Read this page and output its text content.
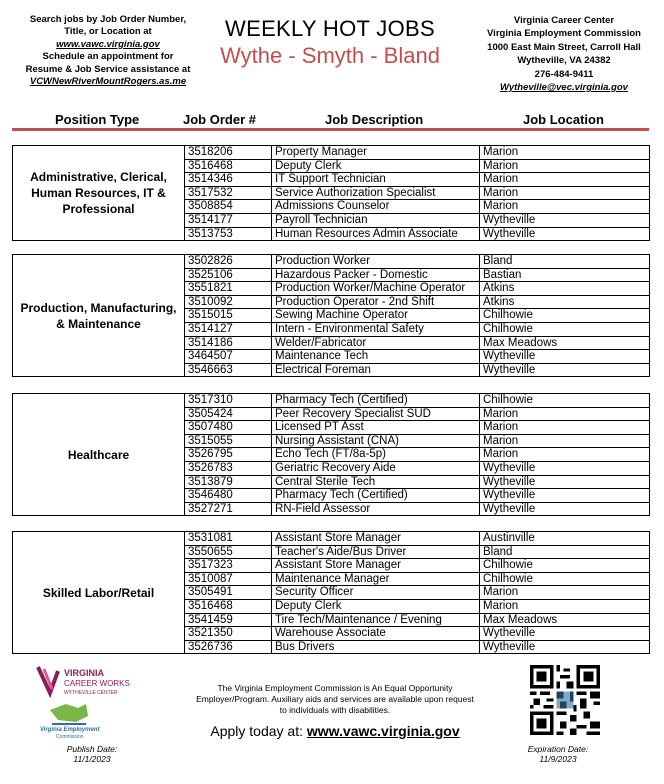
Search jobs by Job Order Number,
Title, or Location at
www.vawc.virginia.gov
Schedule an appointment for
Resume & Job Service assistance at
VCWNewRiverMountRogers.as.me
WEEKLY HOT JOBS
Wythe - Smyth - Bland
Virginia Career Center
Virginia Employment Commission
1000 East Main Street, Carroll Hall
Wytheville, VA 24382
276-484-9411
Wytheville@vec.virginia.gov
Position Type	Job Order #	Job Description	Job Location
Administrative, Clerical, Human Resources, IT & Professional	3518206	Property Manager	Marion
	3516468	Deputy Clerk	Marion
	3514346	IT Support Technician	Marion
	3517532	Service Authorization Specialist	Marion
	3508854	Admissions Counselor	Marion
	3514177	Payroll Technician	Wytheville
	3513753	Human Resources Admin Associate	Wytheville
Production, Manufacturing, & Maintenance	3502826	Production Worker	Bland
	3525106	Hazardous Packer - Domestic	Bastian
	3551821	Production Worker/Machine Operator	Atkins
	3510092	Production Operator - 2nd Shift	Atkins
	3515015	Sewing Machine Operator	Chilhowie
	3514127	Intern - Environmental Safety	Chilhowie
	3514186	Welder/Fabricator	Max Meadows
	3464507	Maintenance Tech	Wytheville
	3546663	Electrical Foreman	Wytheville
Healthcare	3517310	Pharmacy Tech (Certified)	Chilhowie
	3505424	Peer Recovery Specialist SUD	Marion
	3507480	Licensed PT Asst	Marion
	3515055	Nursing Assistant (CNA)	Marion
	3526795	Echo Tech (FT/8a-5p)	Marion
	3526783	Geriatric Recovery Aide	Wytheville
	3513879	Central Sterile Tech	Wytheville
	3546480	Pharmacy Tech (Certified)	Wytheville
	3527271	RN-Field Assessor	Wytheville
Skilled Labor/Retail	3531081	Assistant Store Manager	Austinville
	3550655	Teacher's Aide/Bus Driver	Bland
	3517323	Assistant Store Manager	Chilhowie
	3510087	Maintenance Manager	Chilhowie
	3505491	Security Officer	Marion
	3516468	Deputy Clerk	Marion
	3541459	Tire Tech/Maintenance / Evening	Max Meadows
	3521350	Warehouse Associate	Wytheville
	3526736	Bus Drivers	Wytheville
VIRGINIA
CAREER WORKS
WYTHEVILLE CENTER
Virginia Employment
Commission
Publish Date:
11/1/2023
The Virginia Employment Commission is An Equal Opportunity
Employer/Program. Auxiliary aids and services are available upon request
to individuals with disabilities.
Apply today at: www.vawc.virginia.gov
Expiration Date:
11/9/2023
